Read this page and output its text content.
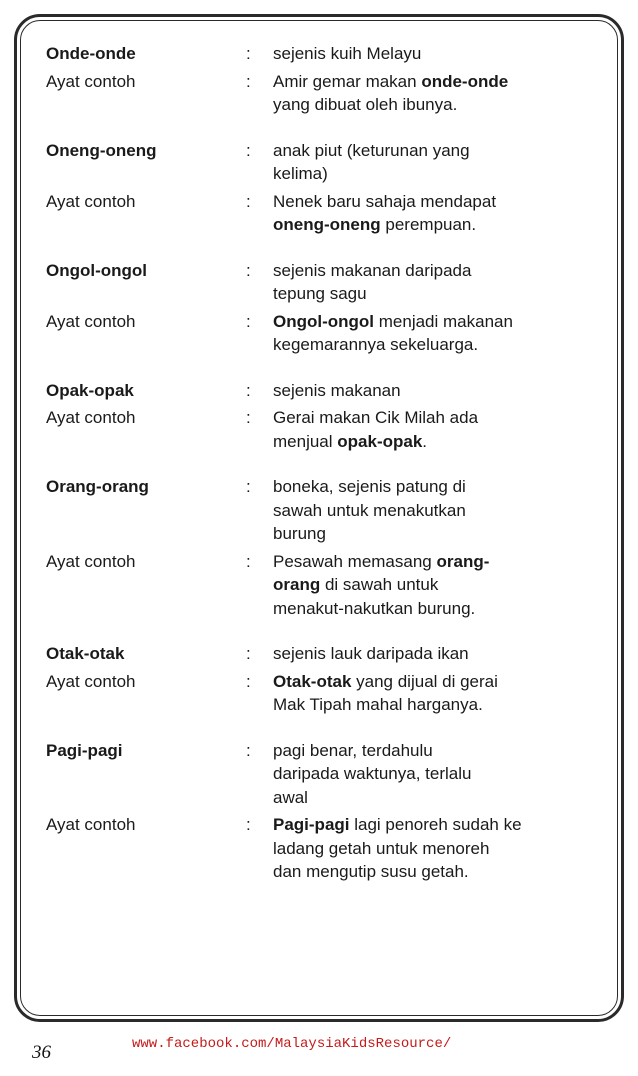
Onde-onde	:	sejenis kuih Melayu
Ayat contoh	:	Amir gemar makan onde-onde
yang dibuat oleh ibunya.
Oneng-oneng	:	anak piut (keturunan yang
kelima)
Ayat contoh	:	Nenek baru sahaja mendapat
oneng-oneng perempuan.
Ongol-ongol	:	sejenis makanan daripada
tepung sagu
Ayat contoh	:	Ongol-ongol menjadi makanan
kegemarannya sekeluarga.
Opak-opak	:	sejenis makanan
Ayat contoh	:	Gerai makan Cik Milah ada
menjual opak-opak.
Orang-orang	:	boneka, sejenis patung di
sawah untuk menakutkan
burung
Ayat contoh	:	Pesawah memasang orang-
orang di sawah untuk
menakut-nakutkan burung.
Otak-otak	:	sejenis lauk daripada ikan
Ayat contoh	:	Otak-otak yang dijual di gerai
Mak Tipah mahal harganya.
Pagi-pagi	:	pagi benar, terdahulu
daripada waktunya, terlalu
awal
Ayat contoh	:	Pagi-pagi lagi penoreh sudah ke
ladang getah untuk menoreh
dan mengutip susu getah.
36	www.facebook.com/MalaysiaKidsResource/
